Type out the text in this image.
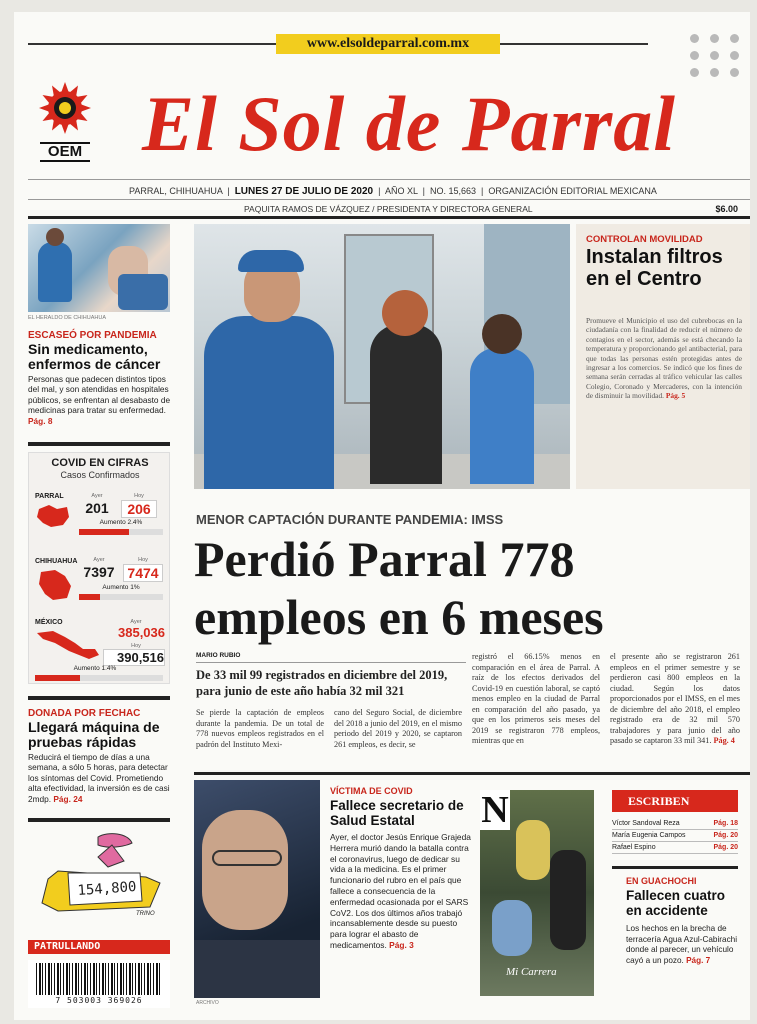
www.elsoldeparral.com.mx
OEM El Sol de Parral
PARRAL, CHIHUAHUA  |  LUNES 27 DE JULIO DE 2020  |  AÑO XL  |  NO. 15,663  |  ORGANIZACIÓN EDITORIAL MEXICANA
PAQUITA RAMOS DE VÁZQUEZ / PRESIDENTA Y DIRECTORA GENERAL	$6.00
EL HERALDO DE CHIHUAHUA
ESCASEÓ POR PANDEMIA
Sin medicamento, enfermos de cáncer
Personas que padecen distintos tipos del mal, y son atendidas en hospitales públicos, se enfrentan al desabasto de medicinas para tratar su enfermedad. Pág. 8
COVID EN CIFRAS
Casos Confirmados
PARRAL	Ayer
201
Hoy
206
Aumento 2.4%
CHIHUAHUA	Ayer
7397
Hoy
7474
Aumento 1%
MÉXICO	Ayer
385,036
Hoy
390,516
Aumento 1.4%
DONADA POR FECHAC
Llegará máquina de pruebas rápidas
Reducirá el tiempo de días a una semana, a sólo 5 horas, para detectar los síntomas del Covid. Prometiendo alta efectividad, la inversión es de casi 2mdp. Pág. 24
154,800
TRINO
PATRULLANDO
7 503003 369026
CONTROLAN MOVILIDAD
Instalan filtros en el Centro
Promueve el Municipio el uso del cubrebocas en la ciudadanía con la finalidad de reducir el número de contagios en el sector, además se está checando la temperatura y proporcionando gel antibacterial, para que todas las personas estén protegidas antes de ingresar a los comercios. Se indicó que los fines de semana serán cerradas al tráfico vehicular las calles Colegio, Coronado y Mercaderes, con la intención de disminuir la movilidad. Pág. 5
MENOR CAPTACIÓN DURANTE PANDEMIA: IMSS
Perdió Parral 778
empleos en 6 meses
MARIO RUBIO
De 33 mil 99 registrados en diciembre del 2019, para junio de este año había 32 mil 321
Se pierde la captación de empleos durante la pandemia. De un total de 778 nuevos empleos registrados en el padrón del Instituto Mexi-
cano del Seguro Social, de diciembre del 2018 a junio del 2019, en el mismo periodo del 2019 y 2020, se captaron 261 empleos, es decir, se
registró el 66.15% menos en comparación en el área de Parral. A raíz de los efectos derivados del Covid-19 en cuestión laboral, se captó menos empleo en la ciudad de Parral en comparación del año pasado, ya que en los primeros seis meses del 2019 se registraron 778 empleos, mientras que en
el presente año se registraron 261 empleos en el primer semestre y se perdieron casi 800 empleos en la ciudad. Según los datos proporcionados por el IMSS, en el mes de diciembre del año 2018, el empleo registrado era de 32 mil 570 trabajadores y para junio del año pasado se captaron 33 mil 341. Pág. 4
ARCHIVO
VÍCTIMA DE COVID
Fallece secretario de Salud Estatal
Ayer, el doctor Jesús Enrique Grajeda Herrera murió dando la batalla contra el coronavirus, luego de dedicar su vida a la medicina. Es el primer funcionario del rubro en el país que fallece a consecuencia de la enfermedad ocasionada por el SARS CoV2. Los dos últimos años trabajó incansablemente desde su puesto para lograr el abasto de medicamentos. Pág. 3
N
Mi Carrera
ESCRIBEN
Víctor Sandoval Reza	Pág. 18
María Eugenia Campos	Pág. 20
Rafael Espino	Pág. 20
EN GUACHOCHI
Fallecen cuatro en accidente
Los hechos en la brecha de terracería Agua Azul-Cabirachi donde al parecer, un vehículo cayó a un pozo. Pág. 7
